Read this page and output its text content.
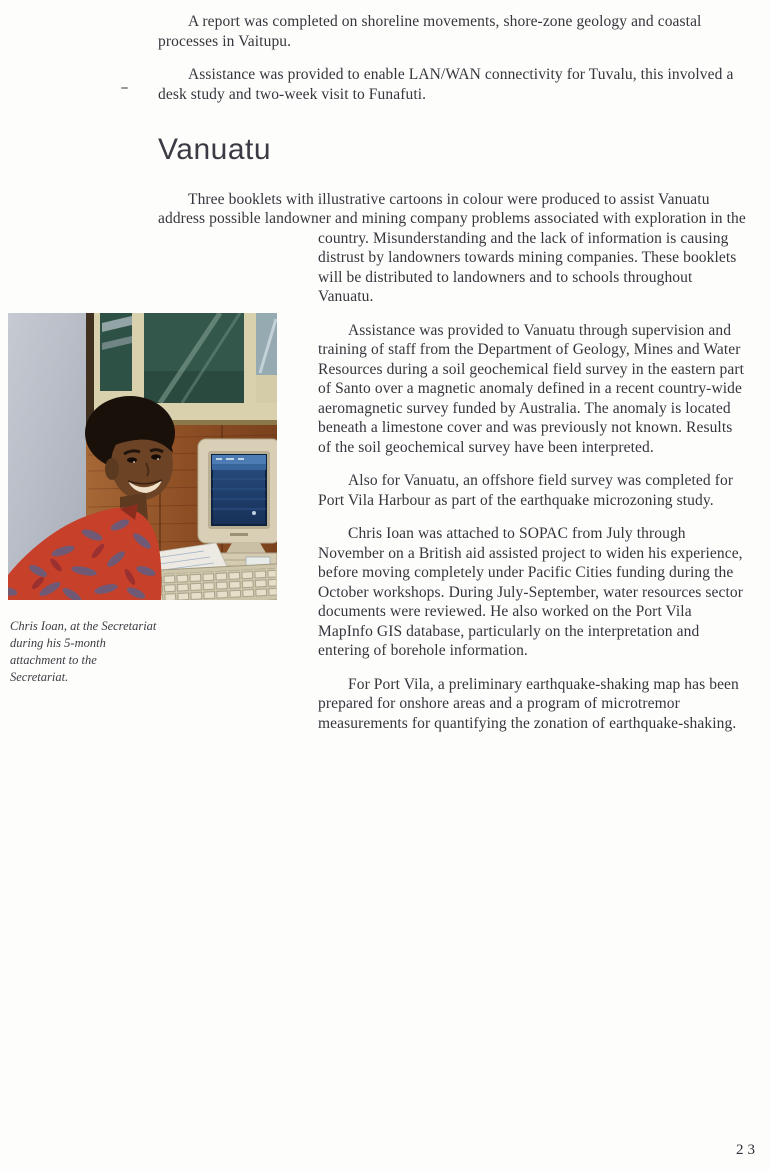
A report was completed on shoreline movements, shore-zone geology and coastal processes in Vaitupu.

Assistance was provided to enable LAN/WAN connectivity for Tuvalu, this involved a desk study and two-week visit to Funafuti.

Vanuatu

Three booklets with illustrative cartoons in colour were produced to assist Vanuatu address possible landowner and mining company problems associated with exploration in the country. Misunderstanding and the lack of information is causing distrust by landowners towards mining companies. These booklets will be distributed to landowners and to schools throughout Vanuatu.

Assistance was provided to Vanuatu through supervision and training of staff from the Department of Geology, Mines and Water Resources during a soil geochemical field survey in the eastern part of Santo over a magnetic anomaly defined in a recent country-wide aeromagnetic survey funded by Australia. The anomaly is located beneath a limestone cover and was previously not known. Results of the soil geochemical survey have been interpreted.

Also for Vanuatu, an offshore field survey was completed for Port Vila Harbour as part of the earthquake microzoning study.

Chris Ioan was attached to SOPAC from July through November on a British aid assisted project to widen his experience, before moving completely under Pacific Cities funding during the October workshops. During July-September, water resources sector documents were reviewed. He also worked on the Port Vila MapInfo GIS database, particularly on the interpretation and entering of borehole information.

For Port Vila, a preliminary earthquake-shaking map has been prepared for onshore areas and a program of microtremor measurements for quantifying the zonation of earthquake-shaking.

Chris Ioan, at the Secretariat
during his 5-month
attachment to the
Secretariat.
23
